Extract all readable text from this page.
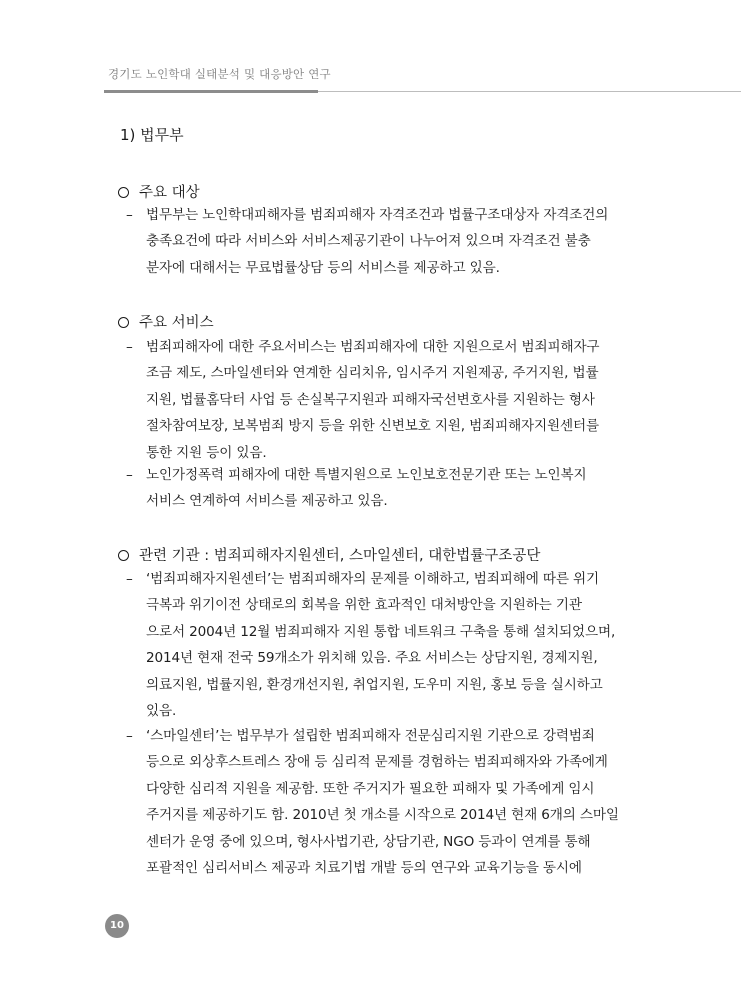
경기도 노인학대 실태분석 및 대응방안 연구
1) 법무부
주요 대상
– 법무부는 노인학대피해자를 범죄피해자 자격조건과 법률구조대상자 자격조건의
충족요건에 따라 서비스와 서비스제공기관이 나누어져 있으며 자격조건 불충
분자에 대해서는 무료법률상담 등의 서비스를 제공하고 있음.
주요 서비스
– 범죄피해자에 대한 주요서비스는 범죄피해자에 대한 지원으로서 범죄피해자구
조금 제도, 스마일센터와 연계한 심리치유, 임시주거 지원제공, 주거지원, 법률
지원, 법률홈닥터 사업 등 손실복구지원과 피해자국선변호사를 지원하는 형사
절차참여보장, 보복범죄 방지 등을 위한 신변보호 지원, 범죄피해자지원센터를
통한 지원 등이 있음.
– 노인가정폭력 피해자에 대한 특별지원으로 노인보호전문기관 또는 노인복지
서비스 연계하여 서비스를 제공하고 있음.
관련 기관 : 범죄피해자지원센터, 스마일센터, 대한법률구조공단
– ‘범죄피해자지원센터’는 범죄피해자의 문제를 이해하고, 범죄피해에 따른 위기
극복과 위기이전 상태로의 회복을 위한 효과적인 대처방안을 지원하는 기관
으로서 2004년 12월 범죄피해자 지원 통합 네트워크 구축을 통해 설치되었으며,
2014년 현재 전국 59개소가 위치해 있음. 주요 서비스는 상담지원, 경제지원,
의료지원, 법률지원, 환경개선지원, 취업지원, 도우미 지원, 홍보 등을 실시하고
있음.
– ‘스마일센터’는 법무부가 설립한 범죄피해자 전문심리지원 기관으로 강력범죄
등으로 외상후스트레스 장애 등 심리적 문제를 경험하는 범죄피해자와 가족에게
다양한 심리적 지원을 제공함. 또한 주거지가 필요한 피해자 및 가족에게 임시
주거지를 제공하기도 함. 2010년 첫 개소를 시작으로 2014년 현재 6개의 스마일
센터가 운영 중에 있으며, 형사사법기관, 상담기관, NGO 등과이 연계를 통해
포괄적인 심리서비스 제공과 치료기법 개발 등의 연구와 교육기능을 동시에
10
